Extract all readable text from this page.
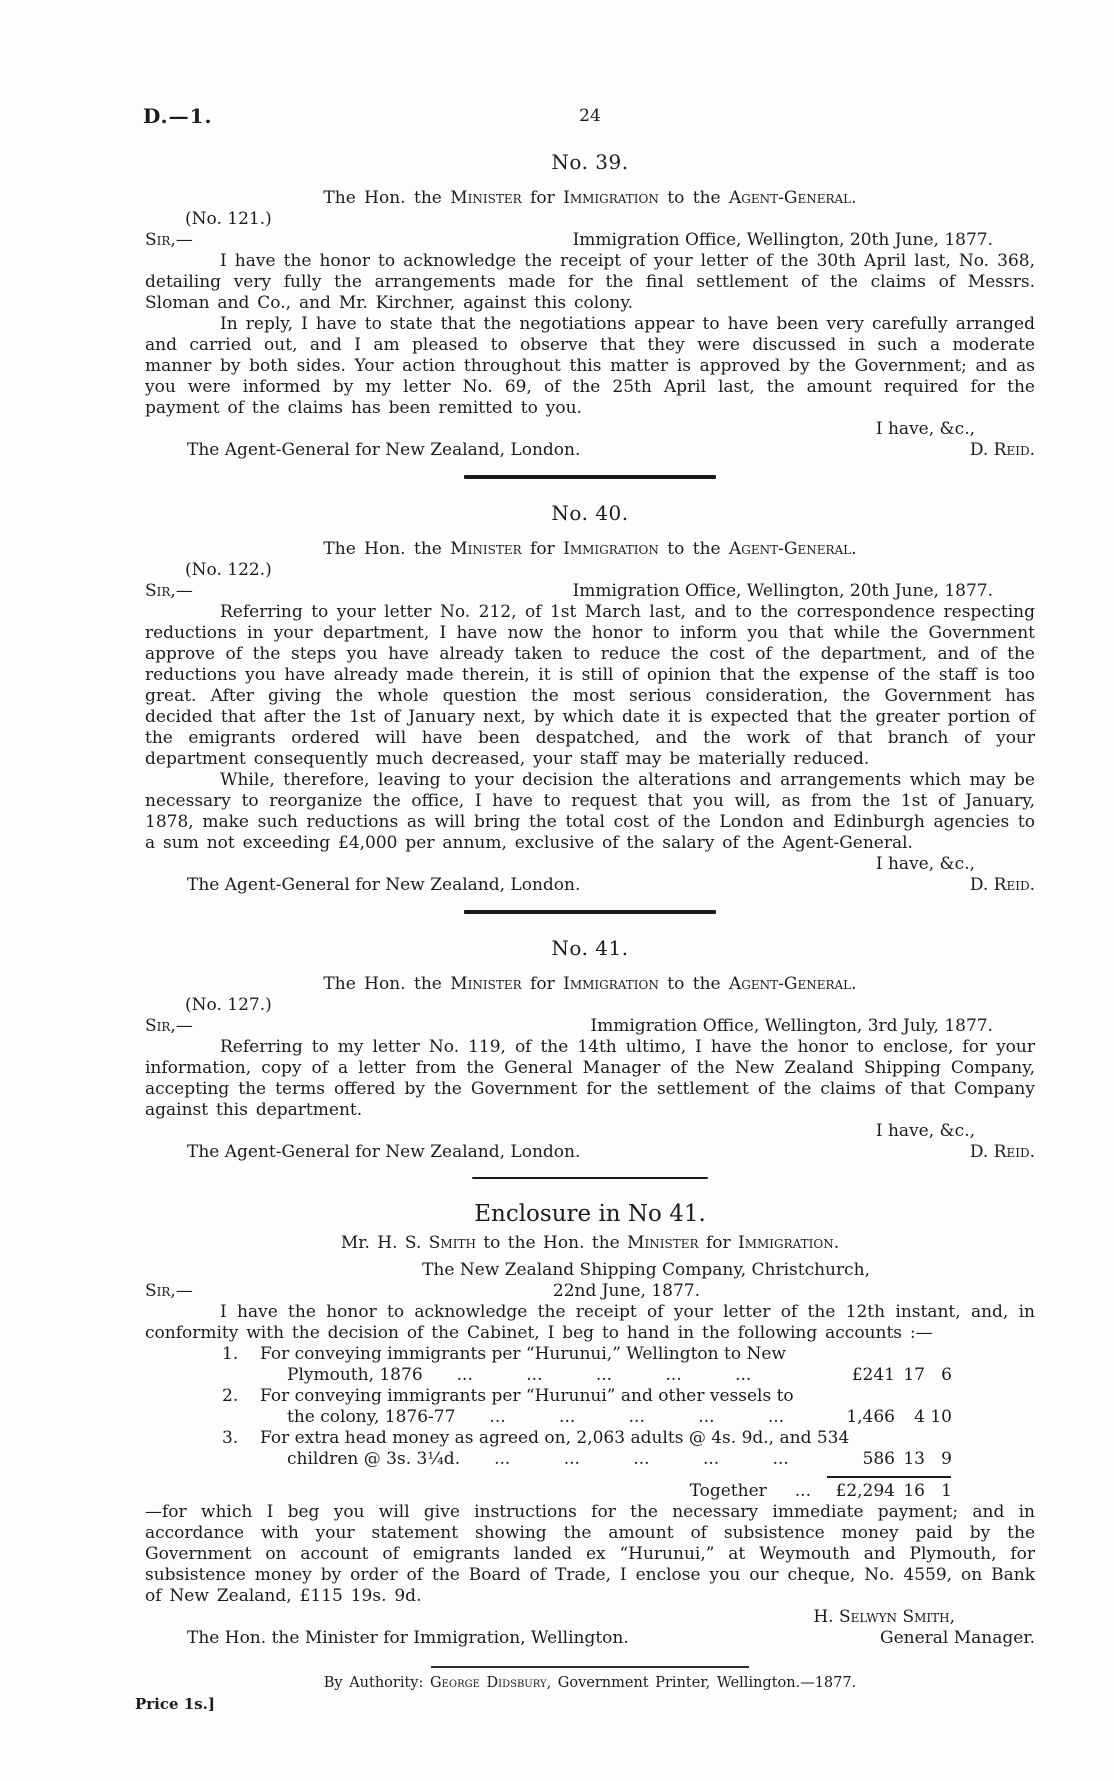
D.—1.	24
No. 39.
The Hon. the Minister for Immigration to the Agent-General.
(No. 121.)
Sir,—	Immigration Office, Wellington, 20th June, 1877.

I have the honor to acknowledge the receipt of your letter of the 30th April last, No. 368, detailing very fully the arrangements made for the final settlement of the claims of Messrs. Sloman and Co., and Mr. Kirchner, against this colony.

In reply, I have to state that the negotiations appear to have been very carefully arranged and carried out, and I am pleased to observe that they were discussed in such a moderate manner by both sides. Your action throughout this matter is approved by the Government; and as you were informed by my letter No. 69, of the 25th April last, the amount required for the payment of the claims has been remitted to you.

I have, &c.,
The Agent-General for New Zealand, London.	D. Reid.
No. 40.
The Hon. the Minister for Immigration to the Agent-General.
(No. 122.)
Sir,—	Immigration Office, Wellington, 20th June, 1877.

Referring to your letter No. 212, of 1st March last, and to the correspondence respecting reductions in your department, I have now the honor to inform you that while the Government approve of the steps you have already taken to reduce the cost of the department, and of the reductions you have already made therein, it is still of opinion that the expense of the staff is too great. After giving the whole question the most serious consideration, the Government has decided that after the 1st of January next, by which date it is expected that the greater portion of the emigrants ordered will have been despatched, and the work of that branch of your department consequently much decreased, your staff may be materially reduced.

While, therefore, leaving to your decision the alterations and arrangements which may be necessary to reorganize the office, I have to request that you will, as from the 1st of January, 1878, make such reductions as will bring the total cost of the London and Edinburgh agencies to a sum not exceeding £4,000 per annum, exclusive of the salary of the Agent-General.

I have, &c.,
The Agent-General for New Zealand, London.	D. Reid.
No. 41.
The Hon. the Minister for Immigration to the Agent-General.
(No. 127.)
Sir,—	Immigration Office, Wellington, 3rd July, 1877.

Referring to my letter No. 119, of the 14th ultimo, I have the honor to enclose, for your information, copy of a letter from the General Manager of the New Zealand Shipping Company, accepting the terms offered by the Government for the settlement of the claims of that Company against this department.

I have, &c.,
The Agent-General for New Zealand, London.	D. Reid.
Enclosure in No 41.
Mr. H. S. Smith to the Hon. the Minister for Immigration.
The New Zealand Shipping Company, Christchurch,
Sir,—	22nd June, 1877.

I have the honor to acknowledge the receipt of your letter of the 12th instant, and, in conformity with the decision of the Cabinet, I beg to hand in the following accounts :—

1. For conveying immigrants per “Hurunui,” Wellington to New
Plymouth, 1876	... ... ... ... ...	£241 17 6
2. For conveying immigrants per “Hurunui” and other vessels to
the colony, 1876-77	... ... ... ... ...	1,466	4 10
3. For extra head money as agreed on, 2,063 adults @ 4s. 9d., and 534
children @ 3s. 3¼d.	... ... ... ... ...	586 13 9
Together ...	£2,294 16 1

—for which I beg you will give instructions for the necessary immediate payment; and in accordance with your statement showing the amount of subsistence money paid by the Government on account of emigrants landed ex “Hurunui,” at Weymouth and Plymouth, for subsistence money by order of the Board of Trade, I enclose you our cheque, No. 4559, on Bank of New Zealand, £115 19s. 9d.

H. Selwyn Smith,
The Hon. the Minister for Immigration, Wellington.	General Manager.
By Authority: George Didsbury, Government Printer, Wellington.—1877.
Price 1s.]
